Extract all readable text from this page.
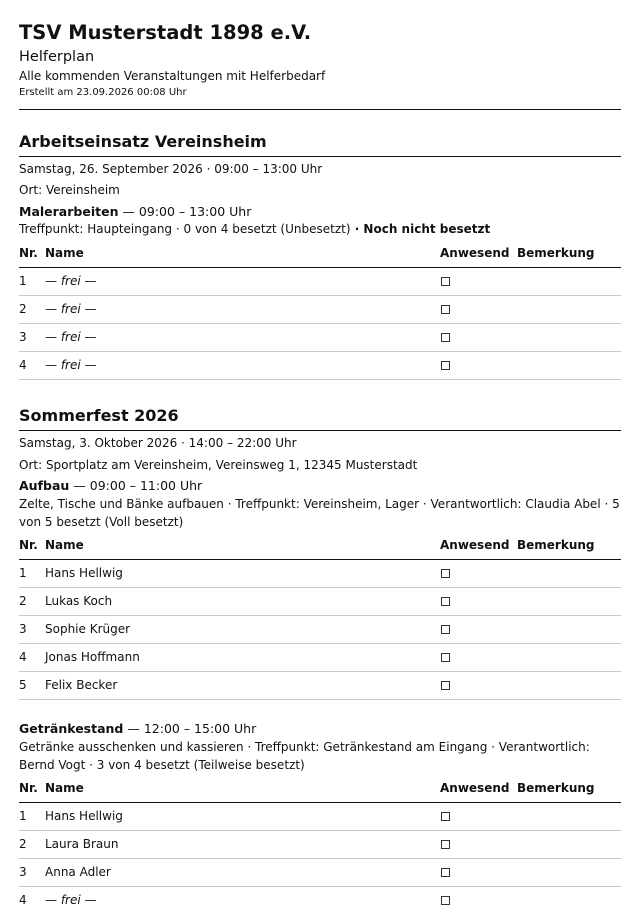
TSV Musterstadt 1898 e.V.
Helferplan
Alle kommenden Veranstaltungen mit Helferbedarf
Erstellt am 23.09.2026 00:08 Uhr
Arbeitseinsatz Vereinsheim
Samstag, 26. September 2026 · 09:00 – 13:00 Uhr
Ort: Vereinsheim
Malerarbeiten — 09:00 – 13:00 Uhr
Treffpunkt: Haupteingang · 0 von 4 besetzt (Unbesetzt) · Noch nicht besetzt
Nr.	Name	Anwesend	Bemerkung
1	— frei —		
2	— frei —		
3	— frei —		
4	— frei —		
Sommerfest 2026
Samstag, 3. Oktober 2026 · 14:00 – 22:00 Uhr
Ort: Sportplatz am Vereinsheim, Vereinsweg 1, 12345 Musterstadt
Aufbau — 09:00 – 11:00 Uhr
Zelte, Tische und Bänke aufbauen · Treffpunkt: Vereinsheim, Lager · Verantwortlich: Claudia Abel · 5 von 5 besetzt (Voll besetzt)
Nr.	Name	Anwesend	Bemerkung
1	Hans Hellwig		
2	Lukas Koch		
3	Sophie Krüger		
4	Jonas Hoffmann		
5	Felix Becker		
Getränkestand — 12:00 – 15:00 Uhr
Getränke ausschenken und kassieren · Treffpunkt: Getränkestand am Eingang · Verantwortlich: Bernd Vogt · 3 von 4 besetzt (Teilweise besetzt)
Nr.	Name	Anwesend	Bemerkung
1	Hans Hellwig		
2	Laura Braun		
3	Anna Adler		
4	— frei —		
